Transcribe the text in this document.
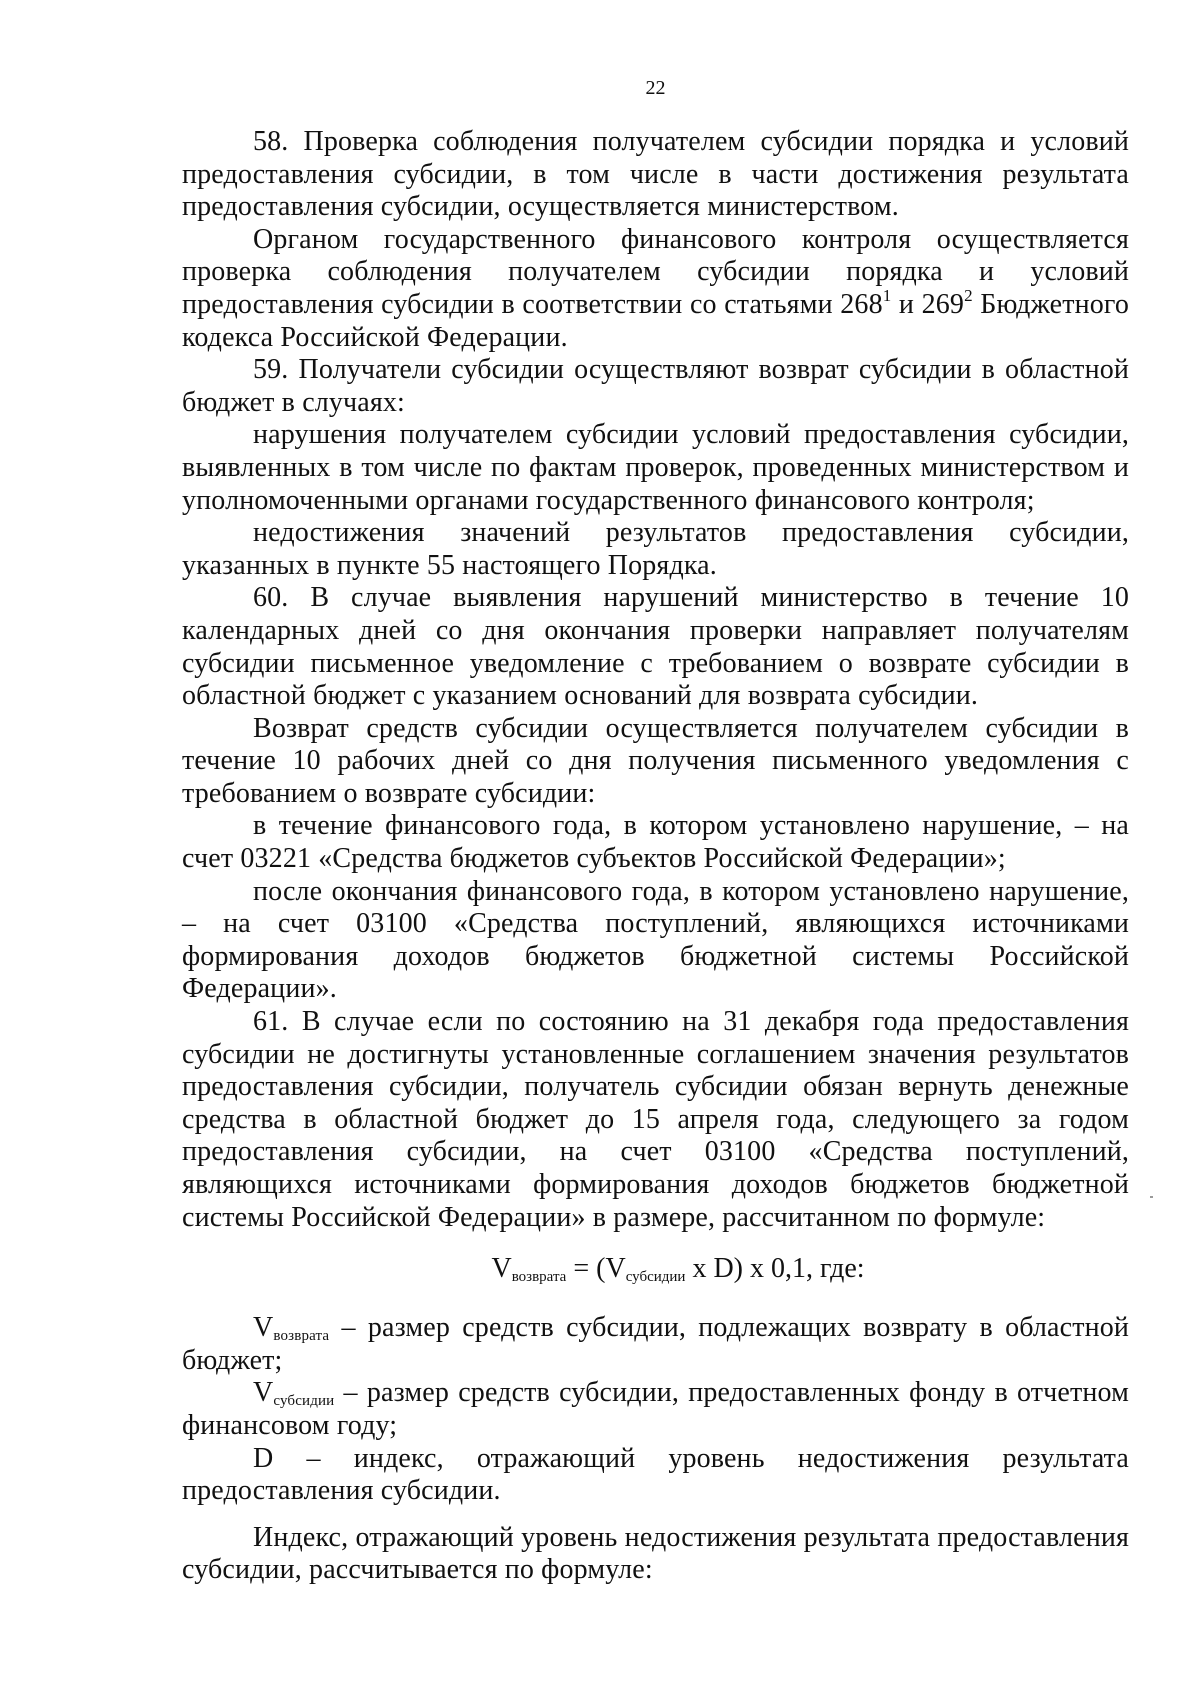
22

58. Проверка соблюдения получателем субсидии порядка и условий предоставления субсидии, в том числе в части достижения результата предоставления субсидии, осуществляется министерством.

Органом государственного финансового контроля осуществляется проверка соблюдения получателем субсидии порядка и условий предоставления субсидии в соответствии со статьями $268^1$ и $269^2$ Бюджетного кодекса Российской Федерации.

59. Получатели субсидии осуществляют возврат субсидии в областной бюджет в случаях:

нарушения получателем субсидии условий предоставления субсидии, выявленных в том числе по фактам проверок, проведенных министерством и уполномоченными органами государственного финансового контроля;

недостижения значений результатов предоставления субсидии, указанных в пункте 55 настоящего Порядка.

60. В случае выявления нарушений министерство в течение 10 календарных дней со дня окончания проверки направляет получателям субсидии письменное уведомление с требованием о возврате субсидии в областной бюджет с указанием оснований для возврата субсидии.

Возврат средств субсидии осуществляется получателем субсидии в течение 10 рабочих дней со дня получения письменного уведомления с требованием о возврате субсидии:

в течение финансового года, в котором установлено нарушение, – на счет 03221 «Средства бюджетов субъектов Российской Федерации»;

после окончания финансового года, в котором установлено нарушение, – на счет 03100 «Средства поступлений, являющихся источниками формирования доходов бюджетов бюджетной системы Российской Федерации».

61. В случае если по состоянию на 31 декабря года предоставления субсидии не достигнуты установленные соглашением значения результатов предоставления субсидии, получатель субсидии обязан вернуть денежные средства в областной бюджет до 15 апреля года, следующего за годом предоставления субсидии, на счет 03100 «Средства поступлений, являющихся источниками формирования доходов бюджетов бюджетной системы Российской Федерации» в размере, рассчитанном по формуле:

$V_{возврата} = (V_{субсидии}$ x D) x 0,1, где:

$V_{возврата}$ – размер средств субсидии, подлежащих возврату в областной бюджет;

$V_{субсидии}$ – размер средств субсидии, предоставленных фонду в отчетном финансовом году;

D – индекс, отражающий уровень недостижения результата предоставления субсидии.

Индекс, отражающий уровень недостижения результата предоставления субсидии, рассчитывается по формуле:
